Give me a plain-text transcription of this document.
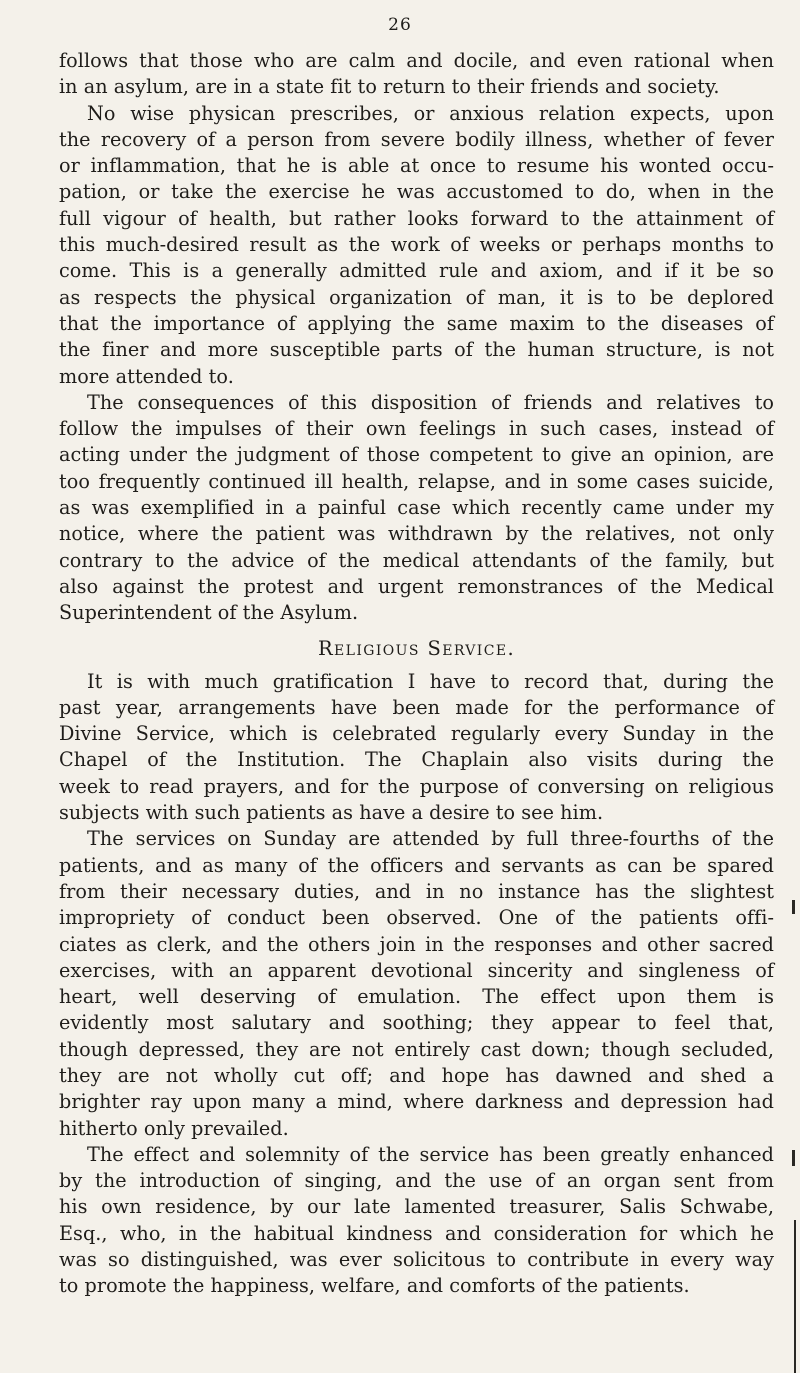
26
follows that those who are calm and docile, and even rational when
in an asylum, are in a state fit to return to their friends and society.
No wise physican prescribes, or anxious relation expects, upon
the recovery of a person from severe bodily illness, whether of fever
or inflammation, that he is able at once to resume his wonted occu-
pation, or take the exercise he was accustomed to do, when in the
full vigour of health, but rather looks forward to the attainment of
this much-desired result as the work of weeks or perhaps months to
come. This is a generally admitted rule and axiom, and if it be so
as respects the physical organization of man, it is to be deplored
that the importance of applying the same maxim to the diseases of
the finer and more susceptible parts of the human structure, is not
more attended to.
The consequences of this disposition of friends and relatives to
follow the impulses of their own feelings in such cases, instead of
acting under the judgment of those competent to give an opinion, are
too frequently continued ill health, relapse, and in some cases suicide,
as was exemplified in a painful case which recently came under my
notice, where the patient was withdrawn by the relatives, not only
contrary to the advice of the medical attendants of the family, but
also against the protest and urgent remonstrances of the Medical
Superintendent of the Asylum.
Religious Service.
It is with much gratification I have to record that, during the
past year, arrangements have been made for the performance of
Divine Service, which is celebrated regularly every Sunday in the
Chapel of the Institution. The Chaplain also visits during the
week to read prayers, and for the purpose of conversing on religious
subjects with such patients as have a desire to see him.
The services on Sunday are attended by full three-fourths of the
patients, and as many of the officers and servants as can be spared
from their necessary duties, and in no instance has the slightest
impropriety of conduct been observed. One of the patients offi-
ciates as clerk, and the others join in the responses and other sacred
exercises, with an apparent devotional sincerity and singleness of
heart, well deserving of emulation. The effect upon them is
evidently most salutary and soothing; they appear to feel that,
though depressed, they are not entirely cast down; though secluded,
they are not wholly cut off; and hope has dawned and shed a
brighter ray upon many a mind, where darkness and depression had
hitherto only prevailed.
The effect and solemnity of the service has been greatly enhanced
by the introduction of singing, and the use of an organ sent from
his own residence, by our late lamented treasurer, Salis Schwabe,
Esq., who, in the habitual kindness and consideration for which he
was so distinguished, was ever solicitous to contribute in every way
to promote the happiness, welfare, and comforts of the patients.
